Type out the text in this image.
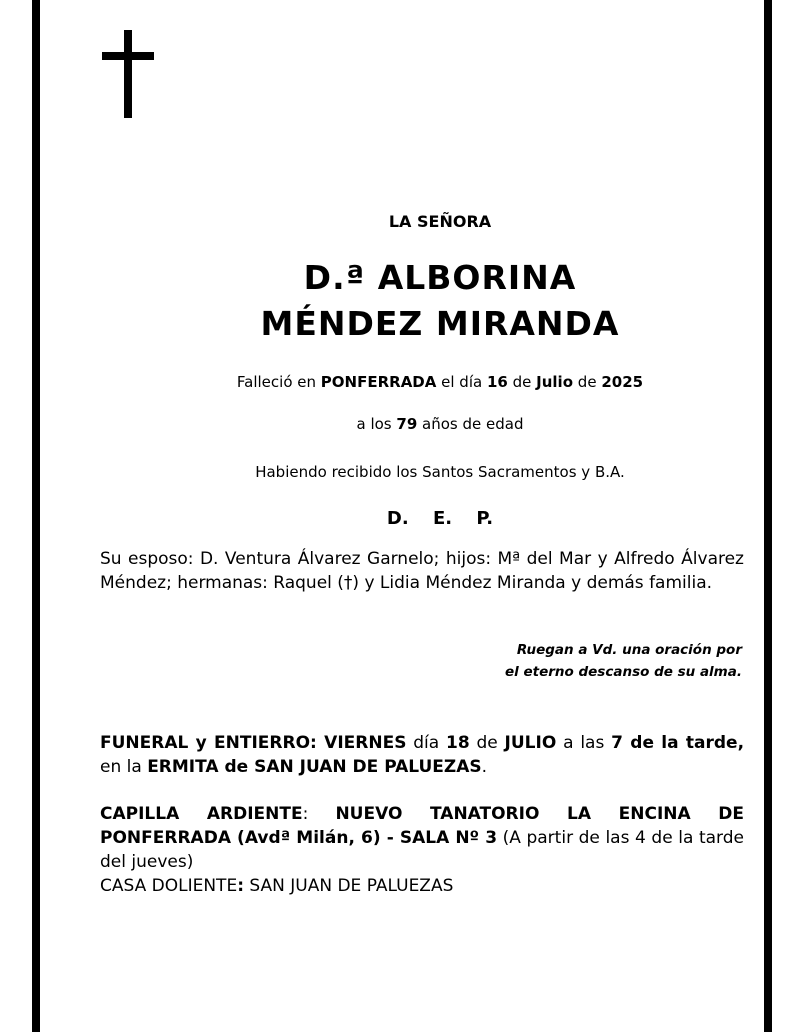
LA SEÑORA
D.ª ALBORINA
MÉNDEZ MIRANDA
Falleció en PONFERRADA el día 16 de Julio de 2025
a los 79 años de edad
Habiendo recibido los Santos Sacramentos y B.A.
D. E. P.
Su esposo: D. Ventura Álvarez Garnelo; hijos: Mª del Mar y Alfredo Álvarez Méndez; hermanas: Raquel (†) y Lidia Méndez Miranda y demás familia.
Ruegan a Vd. una oración por
el eterno descanso de su alma.
FUNERAL y ENTIERRO: VIERNES día 18 de JULIO a las 7 de la tarde, en la ERMITA de SAN JUAN DE PALUEZAS.
CAPILLA ARDIENTE: NUEVO TANATORIO LA ENCINA DE PONFERRADA (Avdª Milán, 6) - SALA Nº 3 (A partir de las 4 de la tarde del jueves)
CASA DOLIENTE: SAN JUAN DE PALUEZAS
